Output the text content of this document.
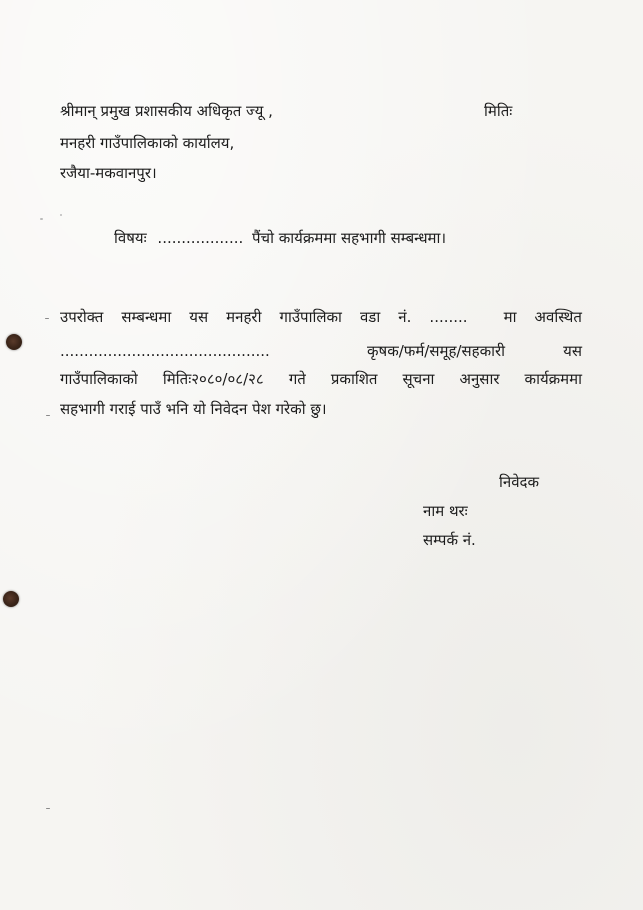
श्रीमान् प्रमुख प्रशासकीय अधिकृत ज्यू ,	मितिः
मनहरी गाउँपालिकाको कार्यालय,
रजैया-मकवानपुर।
विषयः .................. पैंचो कार्यक्रममा सहभागी सम्बन्धमा।
उपरोक्त सम्बन्धमा यस मनहरी गाउँपालिका वडा नं. ........ मा अवस्थित
............................................	कृषक/फर्म/समूह/सहकारी	यस
गाउँपालिकाको मितिः२०८०/०८/२८ गते प्रकाशित सूचना अनुसार कार्यक्रममा
सहभागी गराई पाउँ भनि यो निवेदन पेश गरेको छु।
निवेदक
नाम थरः
सम्पर्क नं.
